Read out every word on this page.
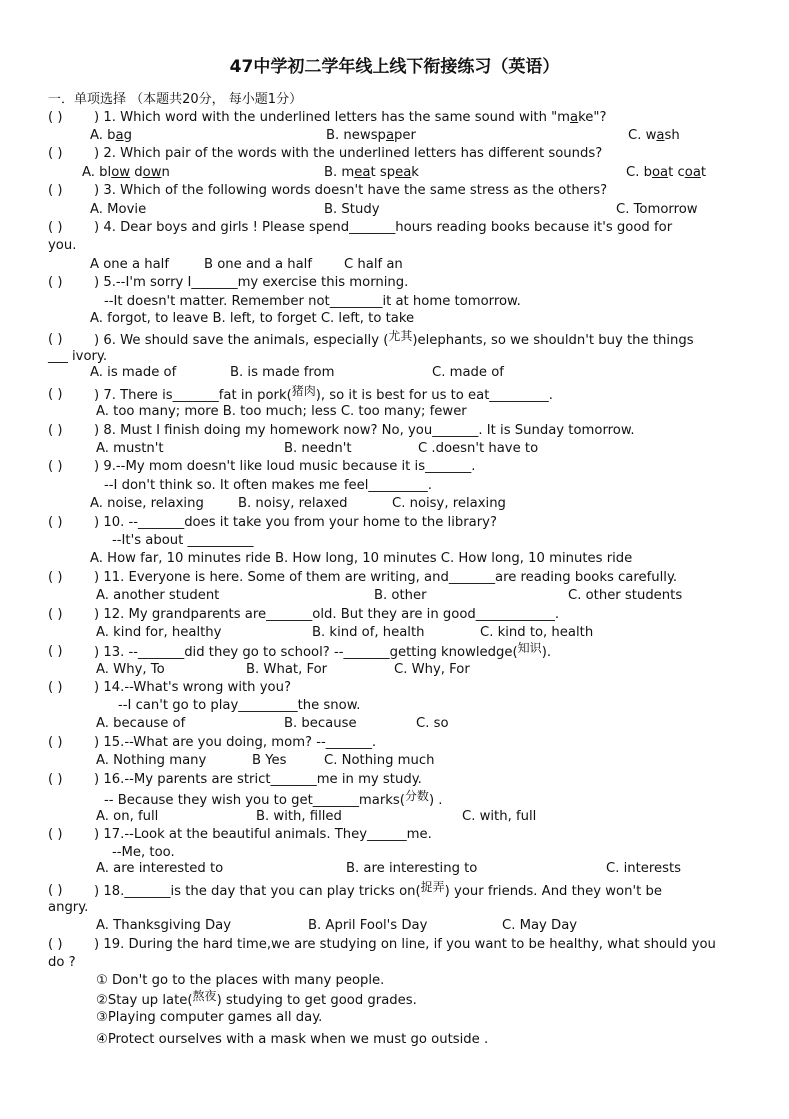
47中学初二学年线上线下衔接练习（英语）
一．单项选择 （本题共20分， 每小题1分）
( ) ) 1. Which word with the underlined letters has the same sound with "make"?
A. bag	B. newspaper	C. wash
( ) ) 2. Which pair of the words with the underlined letters has different sounds?
A. blow down	B. meat speak	C. boat coat
( ) ) 3. Which of the following words doesn't have the same stress as the others?
A. Movie	B. Study	C. Tomorrow
( ) ) 4. Dear boys and girls ! Please spend_______hours reading books because it's good for
you.
A one a half	B one and a half C half an
( ) ) 5.--I'm sorry I_______my exercise this morning.
--It doesn't matter. Remember not________it at home tomorrow.
A. forgot, to leave B. left, to forget C. left, to take
( ) ) 6. We should save the animals, especially (尤其)elephants, so we shouldn't buy the things
___ ivory.
A. is made of	B. is made from	C. made of
( ) ) 7. There is_______fat in pork(猪肉), so it is best for us to eat_________.
A. too many; more B. too much; less C. too many; fewer
( ) ) 8. Must I finish doing my homework now? No, you_______. It is Sunday tomorrow.
A. mustn't	B. needn't	C .doesn't have to
( ) ) 9.--My mom doesn't like loud music because it is_______.
--I don't think so. It often makes me feel_________.
A. noise, relaxing	B. noisy, relaxed	C. noisy, relaxing
( ) ) 10. --_______does it take you from your home to the library?
--It's about __________
A. How far, 10 minutes ride B. How long, 10 minutes C. How long, 10 minutes ride
( ) ) 11. Everyone is here. Some of them are writing, and_______are reading books carefully.
A. another student	B. other	C. other students
( ) ) 12. My grandparents are_______old. But they are in good____________.
A. kind for, healthy	B. kind of, health	C. kind to, health
( ) ) 13. --_______did they go to school? --_______getting knowledge(知识).
A. Why, To	B. What, For	C. Why, For
( ) ) 14.--What's wrong with you?
--I can't go to play_________the snow.
A. because of	B. because	C. so
( ) ) 15.--What are you doing, mom? --_______.
A. Nothing many	B Yes	C. Nothing much
( ) ) 16.--My parents are strict_______me in my study.
-- Because they wish you to get_______marks(分数) .
A. on, full	B. with, filled	C. with, full
( ) ) 17.--Look at the beautiful animals. They______me.
--Me, too.
A. are interested to	B. are interesting to	C. interests
( ) ) 18._______is the day that you can play tricks on(捉弄) your friends. And they won't be
angry.
A. Thanksgiving Day	B. April Fool's Day	C. May Day
( ) ) 19. During the hard time,we are studying on line, if you want to be healthy, what should you
do ?
① Don't go to the places with many people.
②Stay up late(熬夜) studying to get good grades.
③Playing computer games all day.
④Protect ourselves with a mask when we must go outside .
